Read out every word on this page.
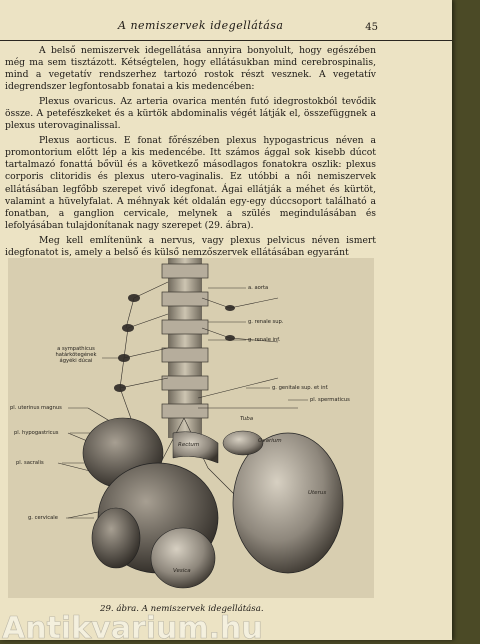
A nemiszervek idegellátása	45

A belső nemiszervek idegellátása annyira bonyolult, hogy egészében még ma sem tisztázott. Kétségtelen, hogy ellátásukban mind cerebrospinalis, mind a vegetatív rendszerhez tartozó rostok részt vesznek. A vegetatív idegrendszer legfontosabb fonatai a kis medencében:

Plexus ovaricus. Az arteria ovarica mentén futó idegrostokból tevődik össze. A petefészkeket és a kürtök abdominalis végét látják el, összefüggnek a plexus uterovaginalissal.

Plexus aorticus. E fonat főrészében plexus hypogastricus néven a promontorium előtt lép a kis medencébe. Itt számos ággal sok kisebb dúcot tartalmazó fonattá bővül és a következő másodlagos fonatokra oszlik: plexus corporis clitoridis és plexus utero-vaginalis. Ez utóbbi a női nemiszervek ellátásában legfőbb szerepet vivő idegfonat. Ágai ellátják a méhet és kürtöt, valamint a hüvelyfalat. A méhnyak két oldalán egy-egy dúccsoport található a fonatban, a ganglion cervicale, melynek a szülés megindulásában és lefolyásában tulajdonítanak nagy szerepet (29. ábra).

Meg kell említenünk a nervus, vagy plexus pelvicus néven ismert idegfonatot is, amely a belső és külső nemzőszervek ellátásában egyaránt

a. aorta
a sympathicus határkötegének ágyéki dúcai
g. renale sup.
g. renale inf.
g. genitale sup. et inf.
pl. spermaticus
pl. uterinus magnus
pl. hypogastricus
pl. sacralis
g. cervicale
Tuba
Ovarium
Rectum
Uterus
Vesica
29. ábra. A nemiszervek idegellátása.
Antikvarium.hu
